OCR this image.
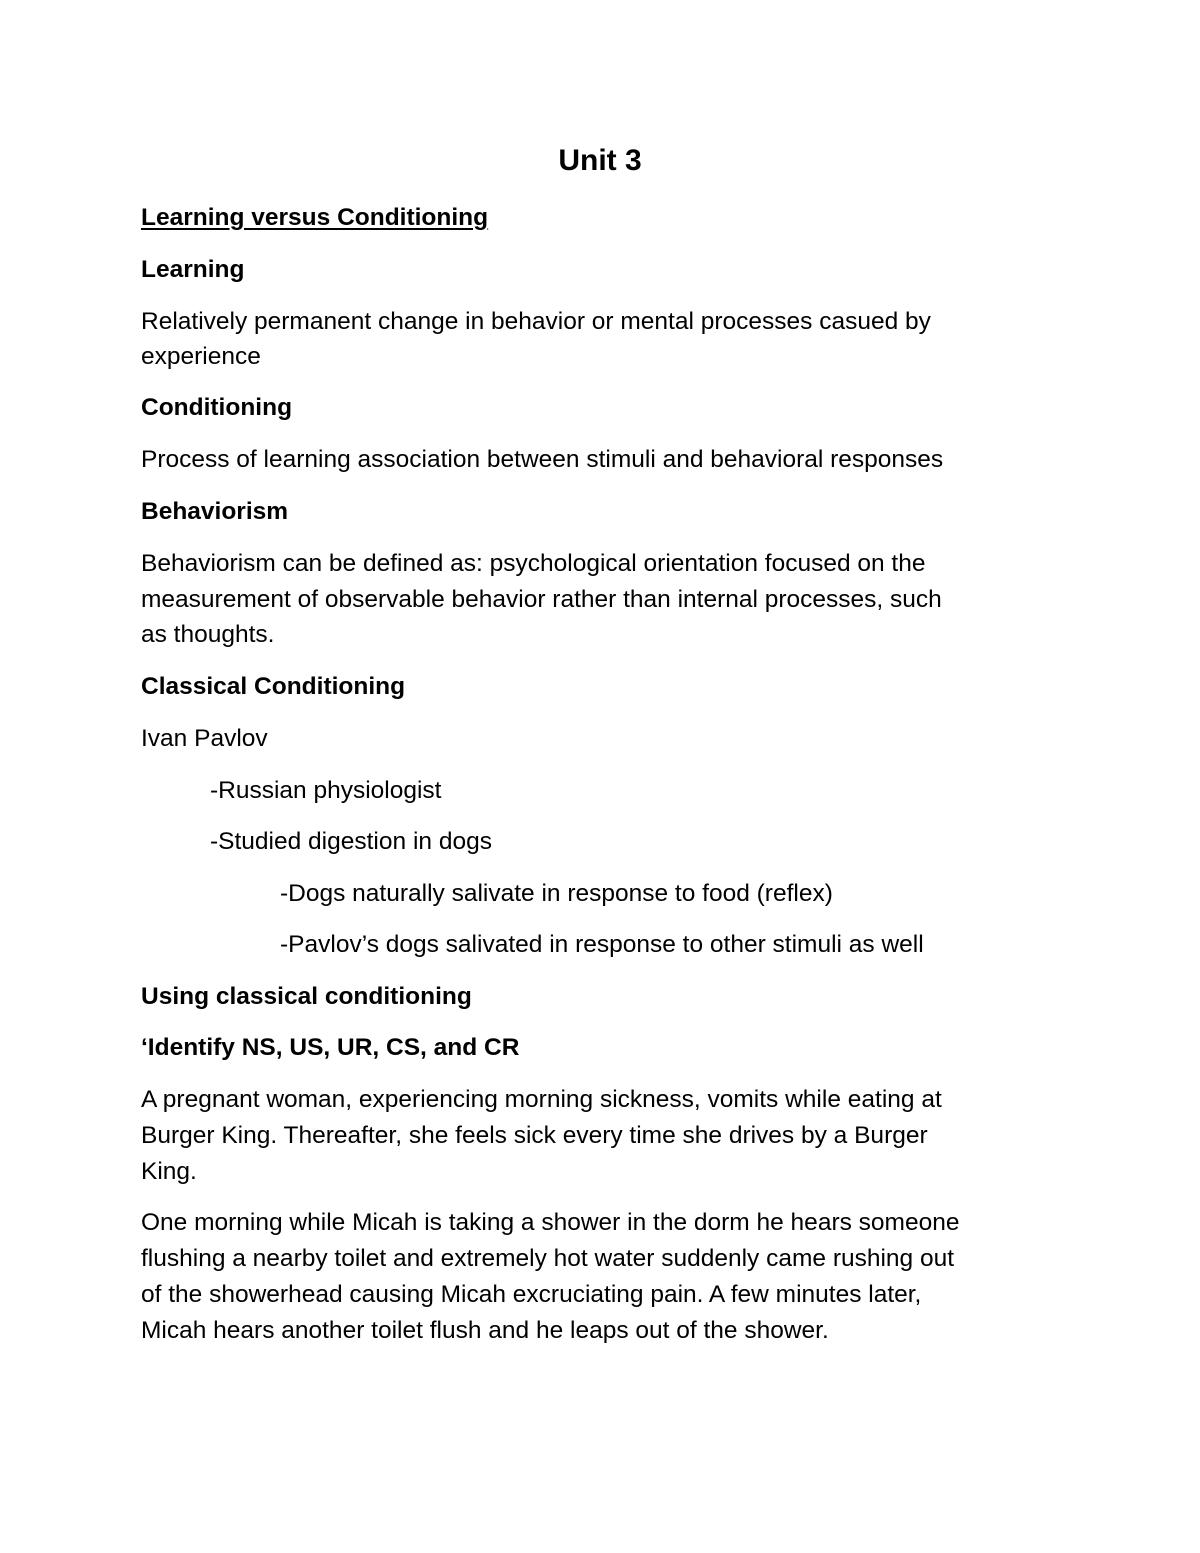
Unit 3

Learning versus Conditioning

Learning

Relatively permanent change in behavior or mental processes casued by

experience

Conditioning

Process of learning association between stimuli and behavioral responses

Behaviorism

Behaviorism can be defined as: psychological orientation focused on the

measurement of observable behavior rather than internal processes, such

as thoughts.

Classical Conditioning

Ivan Pavlov

-Russian physiologist

-Studied digestion in dogs

-Dogs naturally salivate in response to food (reflex)

-Pavlov’s dogs salivated in response to other stimuli as well

Using classical conditioning

‘Identify NS, US, UR, CS, and CR

A pregnant woman, experiencing morning sickness, vomits while eating at

Burger King. Thereafter, she feels sick every time she drives by a Burger

King.

One morning while Micah is taking a shower in the dorm he hears someone

flushing a nearby toilet and extremely hot water suddenly came rushing out

of the showerhead causing Micah excruciating pain. A few minutes later,

Micah hears another toilet flush and he leaps out of the shower.
